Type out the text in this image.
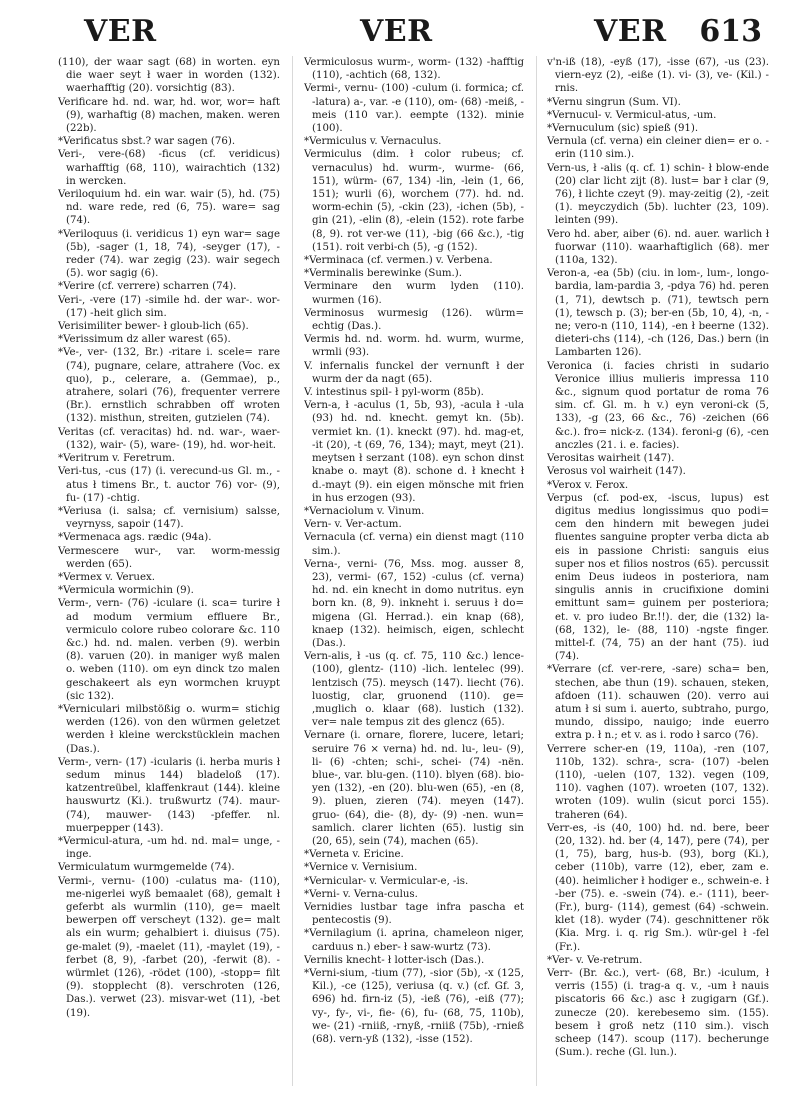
VER	VER	VER 613

(110), der waar sagt (68) in worten. eyn die waer seyt ł waer in worden (132). waerhafftig (20). vorsichtig (83).

Verificare hd. nd. war, hd. wor, wor= haft (9), warhaftig (8) machen, maken. weren (22b).

*Verificatus sbst.? war sagen (76).

Veri-, vere-(68) -ficus (cf. veridicus) warhafftig (68, 110), wairachtich (132) in wercken.

Veriloquium hd. ein war. wair (5), hd. (75) nd. ware rede, red (6, 75). ware= sag (74).

*Veriloquus (i. veridicus 1) eyn war= sage (5b), -sager (1, 18, 74), -seyger (17), -reder (74). war zegig (23). wair segech (5). wor sagig (6).

*Verire (cf. verrere) scharren (74).

Veri-, -vere (17) -simile hd. der war-. wor- (17) -heit glich sim.

Verisimiliter bewer- ł gloub-lich (65).

*Verissimum dz aller warest (65).

*Ve-, ver- (132, Br.) -ritare i. scele= rare (74), pugnare, celare, attrahere (Voc. ex quo), p., celerare, a. (Gemmae), p., atrahere, solari (76), frequenter verrere (Br.). ernstlich schrabben off wroten (132). misthun, streiten, gutzielen (74).

Veritas (cf. veracitas) hd. nd. war-, waer- (132), wair- (5), ware- (19), hd. wor-heit.

*Veritrum v. Feretrum.

Veri-tus, -cus (17) (i. verecund-us Gl. m., -atus ł timens Br., t. auctor 76) vor- (9), fu- (17) -chtig.

*Veriusa (i. salsa; cf. vernisium) salsse, veyrnyss, sapoir (147).

*Vermenaca ags. rædic (94a).

Vermescere wur-, var. worm-messig werden (65).

*Vermex v. Veruex.

*Vermicula wormichin (9).

Verm-, vern- (76) -iculare (i. sca= turire ł ad modum vermium effluere Br., vermiculo colore rubeo colorare &c. 110 &c.) hd. nd. malen. verben (9). werbin (8). varuen (20). in maniger wyß malen o. weben (110). om eyn dinck tzo malen geschakeert als eyn wormchen kruypt (sic 132).

*Verniculari milbstößig o. wurm= stichig werden (126). von den würmen geletzet werden ł kleine werckstücklein machen (Das.).

Verm-, vern- (17) -icularis (i. herba muris ł sedum minus 144) bladeloß (17). katzentreübel, klaffenkraut (144). kleine hauswurtz (Ki.). trußwurtz (74). maur- (74), mauwer- (143) -pfeffer. nl. muerpepper (143).

*Vermicul-atura, -um hd. nd. mal= unge, -inge.

Vermiculatum wurmgemelde (74).

Vermi-, vernu- (100) -culatus ma- (110), me-nigerlei wyß bemaalet (68), gemalt ł geferbt als wurmlin (110), ge= maelt bewerpen off verscheyt (132). ge= malt als ein wurm; gehalbiert i. diuisus (75). ge-malet (9), -maelet (11), -maylet (19), -ferbet (8, 9), -farbet (20), -ferwit (8). -würmlet (126), -rödet (100), -stopp= filt (9). stopplecht (8). verschroten (126, Das.). verwet (23). misvar-wet (11), -bet (19).

Vermiculosus wurm-, worm- (132) -hafftig (110), -achtich (68, 132).

Vermi-, vernu- (100) -culum (i. formica; cf. -latura) a-, var. -e (110), om- (68) -meiß, -meis (110 var.). eempte (132). minie (100).

*Vermiculus v. Vernaculus.

Vermiculus (dim. ł color rubeus; cf. vernaculus) hd. wurm-, wurme- (66, 151), würm- (67, 134) -lin, -lein (1, 66, 151); wurli (6), worchem (77). hd. nd. worm-echin (5), -ckin (23), -ichen (5b), -gin (21), -elin (8), -elein (152). rote farbe (8, 9). rot ver-we (11), -big (66 &c.), -tig (151). roit verbi-ch (5), -g (152).

*Verminaca (cf. vermen.) v. Verbena.

*Verminalis berewinke (Sum.).

Verminare den wurm lyden (110). wurmen (16).

Verminosus wurmesig (126). würm= echtig (Das.).

Vermis hd. nd. worm. hd. wurm, wurme, wrmli (93).

V. infernalis funckel der vernunft ł der wurm der da nagt (65).

V. intestinus spil- ł pyl-worm (85b).

Vern-a, ł -aculus (1, 5b, 93), -acula ł -ula (93) hd. nd. knecht. gemyt kn. (5b). vermiet kn. (1). kneckt (97). hd. mag-et, -it (20), -t (69, 76, 134); mayt, meyt (21). meytsen ł serzant (108). eyn schon dinst knabe o. mayt (8). schone d. ł knecht ł d.-mayt (9). ein eigen mönsche mit frien in hus erzogen (93).

*Vernaciolum v. Vinum.

Vern- v. Ver-actum.

Vernacula (cf. verna) ein dienst magt (110 sim.).

Verna-, verni- (76, Mss. mog. ausser 8, 23), vermi- (67, 152) -culus (cf. verna) hd. nd. ein knecht in domo nutritus. eyn born kn. (8, 9). inkneht i. seruus ł do= migena (Gl. Herrad.). ein knap (68), knaep (132). heimisch, eigen, schlecht (Das.).

Vern-alis, ł -us (q. cf. 75, 110 &c.) lence- (100), glentz- (110) -lich. lentelec (99). lentzisch (75). meysch (147). liecht (76). luostig, clar, gruonend (110). ge= ,muglich o. klaar (68). lustich (132). ver= nale tempus zit des glencz (65).

Vernare (i. ornare, florere, lucere, letari; seruire 76 × verna) hd. nd. lu-, leu- (9), li- (6) -chten; schi-, schei- (74) -nën. blue-, var. blu-gen. (110). blyen (68). bio-yen (132), -en (20). blu-wen (65), -en (8, 9). pluen, zieren (74). meyen (147). gruo- (64), die- (8), dy- (9) -nen. wun= samlich. clarer lichten (65). lustig sin (20, 65), sein (74), machen (65).

*Verneta v. Ericine.

*Vernice v. Vernisium.

*Vernicular- v. Vermicular-e, -is.

*Verni- v. Verna-culus.

Vernidies lustbar tage infra pascha et pentecostis (9).

*Vernilagium (i. aprina, chameleon niger, carduus n.) eber- ł saw-wurtz (73).

Vernilis knecht- ł lotter-isch (Das.).

*Verni-sium, -tium (77), -sior (5b), -x (125, Kil.), -ce (125), veriusa (q. v.) (cf. Gf. 3, 696) hd. firn-iz (5), -ieß (76), -eiß (77); vy-, fy-, vi-, fie- (6), fu- (68, 75, 110b), we- (21) -rniiß, -rnyß, -rniiß (75b), -rnieß (68). vern-yß (132), -isse (152).

v'n-iß (18), -eyß (17), -isse (67), -us (23). viern-eyz (2), -eiße (1). vi- (3), ve- (Kil.) -rnis.

*Vernu singrun (Sum. VI).

*Vernucul- v. Vermicul-atus, -um.

*Vernuculum (sic) spieß (91).

Vernula (cf. verna) ein cleiner dien= er o. -erin (110 sim.).

Vern-us, ł -alis (q. cf. 1) schin- ł blow-ende (20) clar licht zijt (8). lust= bar ł clar (9, 76), ł lichte czeyt (9). may-zeitig (2), -zeit (1). meyczydich (5b). luchter (23, 109). leinten (99).

Vero hd. aber, aiber (6). nd. auer. warlich ł fuorwar (110). waarhaftiglich (68). mer (110a, 132).

Veron-a, -ea (5b) (ciu. in lom-, lum-, longo-bardia, lam-pardia 3, -pdya 76) hd. peren (1, 71), dewtsch p. (71), tewtsch pern (1), tewsch p. (3); ber-en (5b, 10, 4), -n, -ne; vero-n (110, 114), -en ł beerne (132). dieteri-chs (114), -ch (126, Das.) bern (in Lambarten 126).

Veronica (i. facies christi in sudario Veronice illius mulieris impressa 110 &c., signum quod portatur de roma 76 sim. cf. Gl. m. h v.) eyn veroni-ck (5, 133), -g (23, 66 &c., 76) -zeichen (66 &c.). fro= nick-z. (134). feroni-g (6), -cen anczles (21. i. e. facies).

Verositas wairheit (147).

Verosus vol wairheit (147).

*Verox v. Ferox.

Verpus (cf. pod-ex, -iscus, lupus) est digitus medius longissimus quo podi= cem den hindern mit bewegen judei fluentes sanguine propter verba dicta ab eis in passione Christi: sanguis eius super nos et filios nostros (65). percussit enim Deus iudeos in posteriora, nam singulis annis in crucifixione domini emittunt sam= guinem per posteriora; et. v. pro iudeo Br.!!). der, die (132) la- (68, 132), le- (88, 110) -ngste finger. mittel-f. (74, 75) an der hant (75). iud (74).

*Verrare (cf. ver-rere, -sare) scha= ben, stechen, abe thun (19). schauen, steken, afdoen (11). schauwen (20). verro aui atum ł si sum i. auerto, subtraho, purgo, mundo, dissipo, nauigo; inde euerro extra p. ł n.; et v. as i. rodo ł sarco (76).

Verrere scher-en (19, 110a), -ren (107, 110b, 132). schra-, scra- (107) -belen (110), -uelen (107, 132). vegen (109, 110). vaghen (107). wroeten (107, 132). wroten (109). wulin (sicut porci 155). traheren (64).

Verr-es, -is (40, 100) hd. nd. bere, beer (20, 132). hd. ber (4, 147), pere (74), per (1, 75), barg, hus-b. (93), borg (Ki.), ceber (110b), varre (12), eber, zam e. (40). heimlicher ł hodiger e., schwein-e. ł -ber (75). e. -swein (74). e.- (111), beer- (Fr.), burg- (114), gemest (64) -schwein. klet (18). wyder (74). geschnittener rök (Kia. Mrg. i. q. rig Sm.). wür-gel ł -fel (Fr.).

*Ver- v. Ve-retrum.

Verr- (Br. &c.), vert- (68, Br.) -iculum, ł verris (155) (i. trag-a q. v., -um ł nauis piscatoris 66 &c.) asc ł zugigarn (Gf.). zunecze (20). kerebesemo sim. (155). besem ł groß netz (110 sim.). visch scheep (147). scoup (117). becherunge (Sum.). reche (Gl. lun.).
